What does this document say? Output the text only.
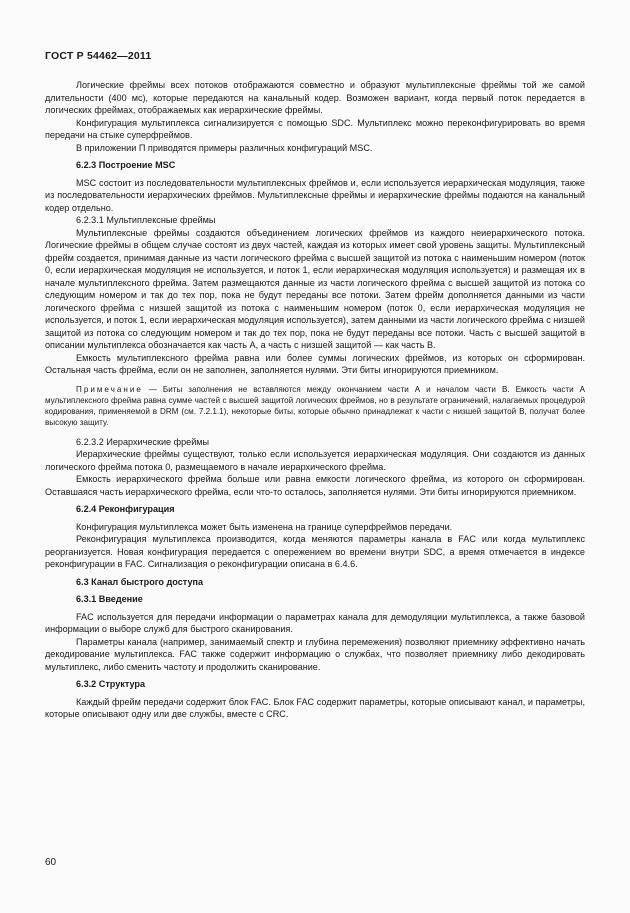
ГОСТ Р 54462—2011

Логические фреймы всех потоков отображаются совместно и образуют мультиплексные фреймы той же самой длительности (400 мс), которые передаются на канальный кодер. Возможен вариант, когда первый поток передается в логических фреймах, отображаемых как иерархические фреймы.

Конфигурация мультиплекса сигнализируется с помощью SDC. Мультиплекс можно переконфигурировать во время передачи на стыке суперфреймов.

В приложении П приводятся примеры различных конфигураций MSC.

6.2.3 Построение MSC

MSC состоит из последовательности мультиплексных фреймов и, если используется иерархическая модуляция, также из последовательности иерархических фреймов. Мультиплексные фреймы и иерархические фреймы подаются на канальный кодер отдельно.

6.2.3.1 Мультиплексные фреймы

Мультиплексные фреймы создаются объединением логических фреймов из каждого неиерархического потока. Логические фреймы в общем случае состоят из двух частей, каждая из которых имеет свой уровень защиты. Мультиплексный фрейм создается, принимая данные из части логического фрейма с высшей защитой из потока с наименьшим номером (поток 0, если иерархическая модуляция не используется, и поток 1, если иерархическая модуляция используется) и размещая их в начале мультиплексного фрейма. Затем размещаются данные из части логического фрейма с высшей защитой из потока со следующим номером и так до тех пор, пока не будут переданы все потоки. Затем фрейм дополняется данными из части логического фрейма с низшей защитой из потока с наименьшим номером (поток 0, если иерархическая модуляция не используется, и поток 1, если иерархическая модуляция используется), затем данными из части логического фрейма с низшей защитой из потока со следующим номером и так до тех пор, пока не будут переданы все потоки. Часть с высшей защитой в описании мультиплекса обозначается как часть А, а часть с низшей защитой — как часть В.

Емкость мультиплексного фрейма равна или более суммы логических фреймов, из которых он сформирован. Остальная часть фрейма, если он не заполнен, заполняется нулями. Эти биты игнорируются приемником.

Примечание — Биты заполнения не вставляются между окончанием части А и началом части В. Емкость части А мультиплексного фрейма равна сумме частей с высшей защитой логических фреймов, но в результате ограничений, налагаемых процедурой кодирования, применяемой в DRM (см. 7.2.1.1), некоторые биты, которые обычно принадлежат к части с низшей защитой В, получат более высокую защиту.

6.2.3.2 Иерархические фреймы

Иерархические фреймы существуют, только если используется иерархическая модуляция. Они создаются из данных логического фрейма потока 0, размещаемого в начале иерархического фрейма.

Емкость иерархического фрейма больше или равна емкости логического фрейма, из которого он сформирован. Оставшаяся часть иерархического фрейма, если что-то осталось, заполняется нулями. Эти биты игнорируются приемником.

6.2.4 Реконфигурация

Конфигурация мультиплекса может быть изменена на границе суперфреймов передачи.

Реконфигурация мультиплекса производится, когда меняются параметры канала в FAC или когда мультиплекс реорганизуется. Новая конфигурация передается с опережением во времени внутри SDC, а время отмечается в индексе реконфигурации в FAC. Сигнализация о реконфигурации описана в 6.4.6.

6.3 Канал быстрого доступа

6.3.1 Введение

FAC используется для передачи информации о параметрах канала для демодуляции мультиплекса, а также базовой информации о выборе служб для быстрого сканирования.

Параметры канала (например, занимаемый спектр и глубина перемежения) позволяют приемнику эффективно начать декодирование мультиплекса. FAC также содержит информацию о службах, что позволяет приемнику либо декодировать мультиплекс, либо сменить частоту и продолжить сканирование.

6.3.2 Структура

Каждый фрейм передачи содержит блок FAC. Блок FAC содержит параметры, которые описывают канал, и параметры, которые описывают одну или две службы, вместе с CRC.

60
